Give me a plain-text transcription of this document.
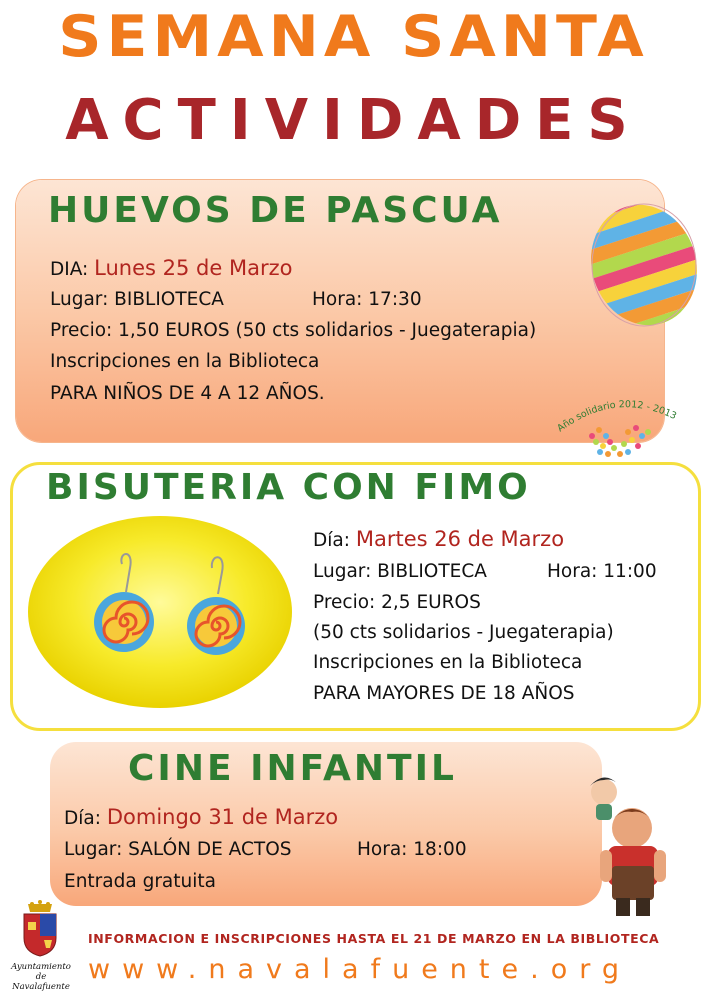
SEMANA SANTA
ACTIVIDADES
HUEVOS DE PASCUA
DIA: Lunes 25 de Marzo
Lugar: BIBLIOTECA	Hora: 17:30
Precio: 1,50 EUROS (50 cts solidarios - Juegaterapia)
Inscripciones en la Biblioteca
PARA NIÑOS DE 4 A 12 AÑOS.
Año solidario 2012 - 2013
BISUTERIA CON FIMO
Día: Martes 26 de Marzo
Lugar: BIBLIOTECA	Hora: 11:00
Precio: 2,5 EUROS
(50 cts solidarios - Juegaterapia)
Inscripciones en la Biblioteca
PARA MAYORES DE 18 AÑOS
CINE INFANTIL
Día: Domingo 31 de Marzo
Lugar: SALÓN DE ACTOS	Hora: 18:00
Entrada gratuita
Ayuntamiento
de
Navalafuente
INFORMACION E INSCRIPCIONES HASTA EL 21 DE MARZO EN LA BIBLIOTECA
www.navalafuente.org
